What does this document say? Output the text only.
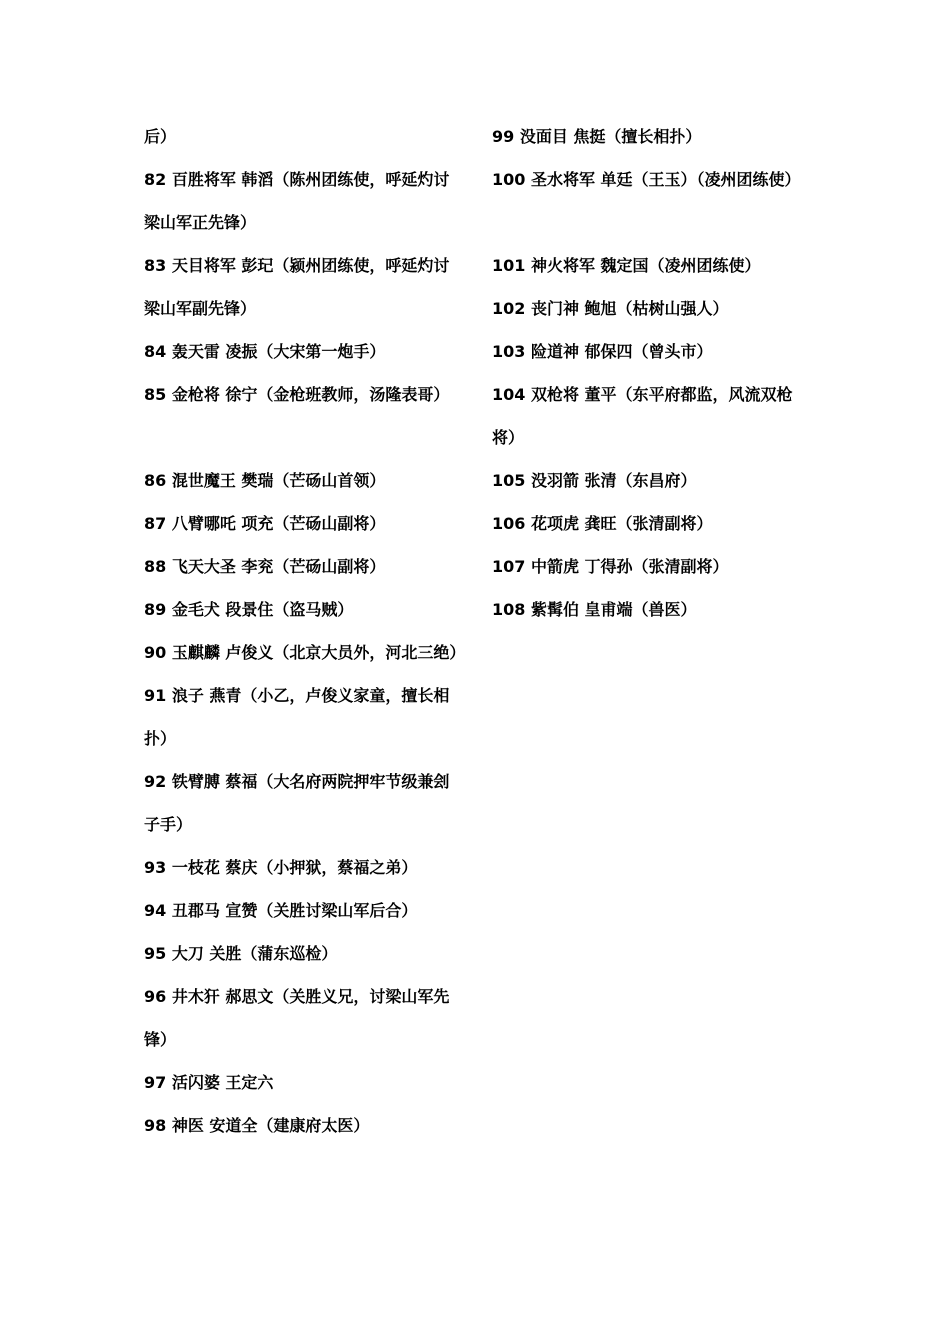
后）

82 百胜将军 韩滔（陈州团练使，呼延灼讨梁山军正先锋）

83 天目将军 彭玘（颍州团练使，呼延灼讨梁山军副先锋）

84 轰天雷 凌振（大宋第一炮手）

85 金枪将 徐宁（金枪班教师，汤隆表哥）

86 混世魔王 樊瑞（芒砀山首领）

87 八臂哪吒 项充（芒砀山副将）

88 飞天大圣 李兖（芒砀山副将）

89 金毛犬 段景住（盗马贼）

90 玉麒麟 卢俊义（北京大员外，河北三绝）

91 浪子 燕青（小乙，卢俊义家童，擅长相扑）

92 铁臂膊 蔡福（大名府两院押牢节级兼刽子手）

93 一枝花 蔡庆（小押狱，蔡福之弟）

94 丑郡马 宣赞（关胜讨梁山军后合）

95 大刀 关胜（蒲东巡检）

96 井木犴 郝思文（关胜义兄，讨梁山军先锋）

97 活闪婆 王定六

98 神医 安道全（建康府太医）

99 没面目 焦挺（擅长相扑）

100 圣水将军 单廷（王玉）（凌州团练使）

101 神火将军 魏定国（凌州团练使）

102 丧门神 鲍旭（枯树山强人）

103 险道神 郁保四（曾头市）

104 双枪将 董平（东平府都监，风流双枪将）

105 没羽箭 张清（东昌府）

106 花项虎 龚旺（张清副将）

107 中箭虎 丁得孙（张清副将）

108 紫髯伯 皇甫端（兽医）
